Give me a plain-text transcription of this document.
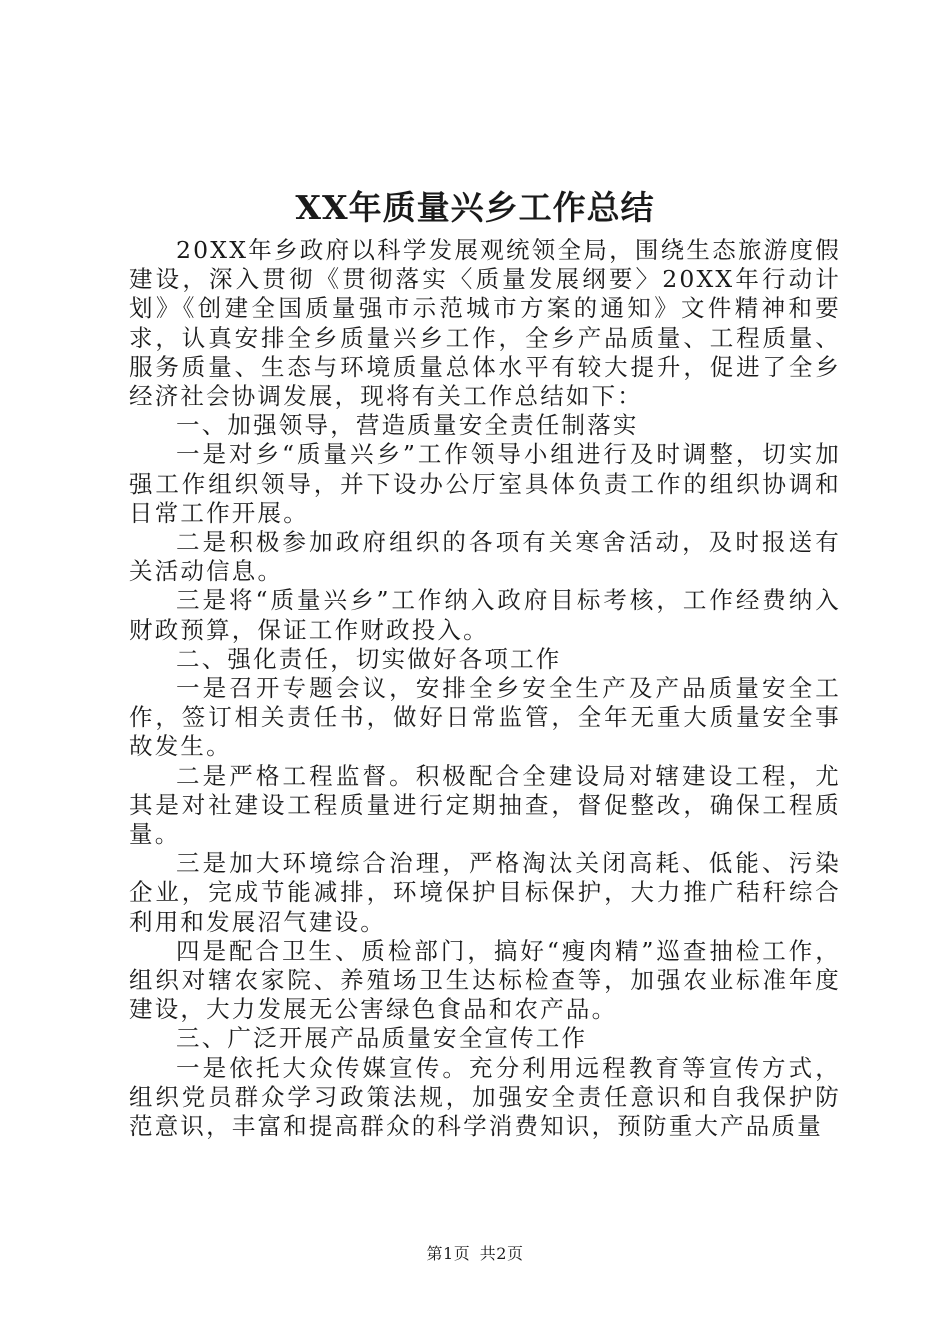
XX年质量兴乡工作总结

20XX年乡政府以科学发展观统领全局，围绕生态旅游度假建设，深入贯彻《贯彻落实〈质量发展纲要〉20XX年行动计划》《创建全国质量强市示范城市方案的通知》文件精神和要求，认真安排全乡质量兴乡工作，全乡产品质量、工程质量、服务质量、生态与环境质量总体水平有较大提升，促进了全乡经济社会协调发展，现将有关工作总结如下：

一、加强领导，营造质量安全责任制落实

一是对乡“质量兴乡”工作领导小组进行及时调整，切实加强工作组织领导，并下设办公厅室具体负责工作的组织协调和日常工作开展。

二是积极参加政府组织的各项有关寒舍活动，及时报送有关活动信息。

三是将“质量兴乡”工作纳入政府目标考核，工作经费纳入财政预算，保证工作财政投入。

二、强化责任，切实做好各项工作

一是召开专题会议，安排全乡安全生产及产品质量安全工作，签订相关责任书，做好日常监管，全年无重大质量安全事故发生。

二是严格工程监督。积极配合全建设局对辖建设工程，尤其是对社建设工程质量进行定期抽查，督促整改，确保工程质量。

三是加大环境综合治理，严格淘汰关闭高耗、低能、污染企业，完成节能减排，环境保护目标保护，大力推广秸秆综合利用和发展沼气建设。

四是配合卫生、质检部门，搞好“瘦肉精”巡查抽检工作，组织对辖农家院、养殖场卫生达标检查等，加强农业标准年度建设，大力发展无公害绿色食品和农产品。

三、广泛开展产品质量安全宣传工作

一是依托大众传媒宣传。充分利用远程教育等宣传方式，组织党员群众学习政策法规，加强安全责任意识和自我保护防范意识，丰富和提高群众的科学消费知识，预防重大产品质量

第1页 共2页
